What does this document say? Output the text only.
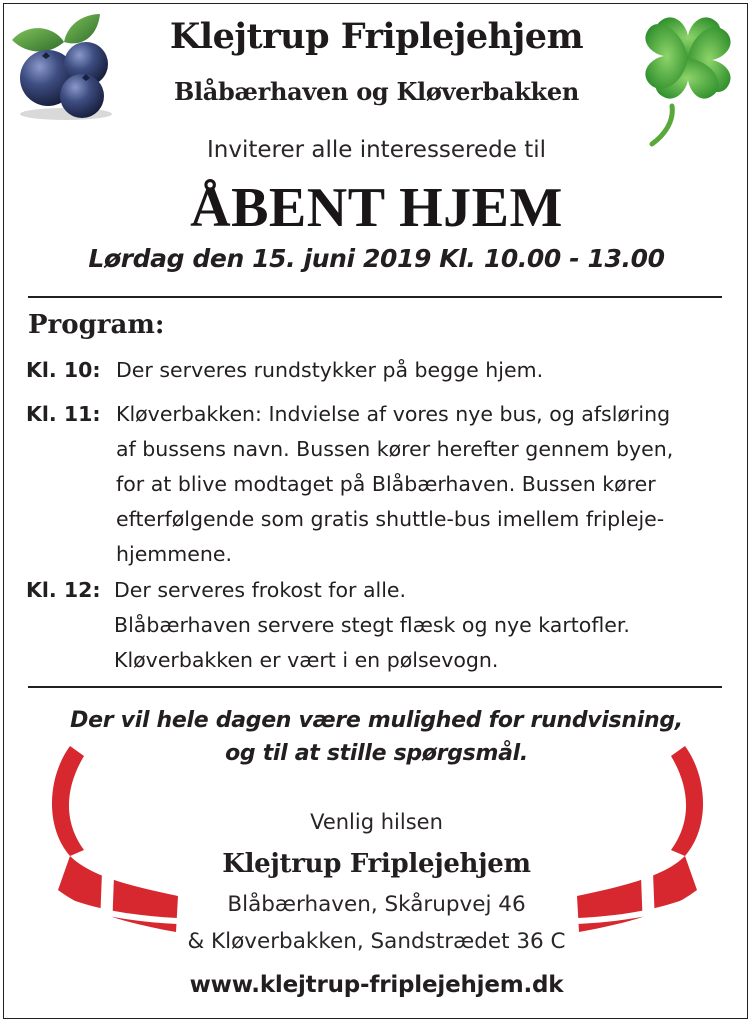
Klejtrup Friplejehjem
Blåbærhaven og Kløverbakken
Inviterer alle interesserede til
ÅBENT HJEM
Lørdag den 15. juni 2019 Kl. 10.00 - 13.00
Program:
Kl. 10: Der serveres rundstykker på begge hjem.
Kl. 11: Kløverbakken: Indvielse af vores nye bus, og afsløring
af bussens navn. Bussen kører herefter gennem byen,
for at blive modtaget på Blåbærhaven. Bussen kører
efterfølgende som gratis shuttle-bus imellem fripleje-
hjemmene.
Kl. 12: Der serveres frokost for alle.
Blåbærhaven servere stegt flæsk og nye kartofler.
Kløverbakken er vært i en pølsevogn.
Der vil hele dagen være mulighed for rundvisning,
og til at stille spørgsmål.
Venlig hilsen
Klejtrup Friplejehjem
Blåbærhaven, Skårupvej 46
& Kløverbakken, Sandstrædet 36 C
www.klejtrup-friplejehjem.dk
